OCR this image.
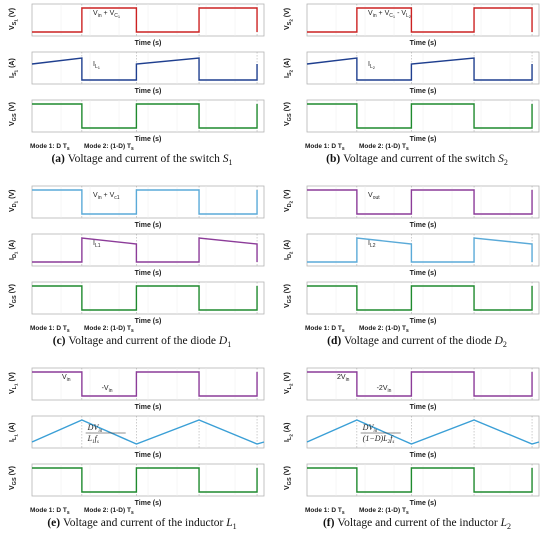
$V_{S1}$ (V)
Time (s)
$V_{in} + V_C1$
$I_{S1}$ (A)
Time (s)
$I_L1$
$V_{GS}$ (V)
Time (s)
Mode 1: D $T_s$ Mode 2: (1-D) $T_s$
(a) Voltage and current of the switch $S_1$
$V_{S2}$ (V)
Time (s)
$V_{in} + V_C1 - V_L2$
$I_{S2}$ (A)
Time (s)
$I_L2$
$V_{GS}$ (V)
Time (s)
Mode 1: D $T_s$ Mode 2: (1-D) $T_s$
(b) Voltage and current of the switch $S_2$
$V_{D1}$ (V)
Time (s)
$V_{in} + V_{c1}$
$I_{D1}$ (A)
Time (s)
$I_{L1}$
$V_{GS}$ (V)
Time (s)
Mode 1: D $T_s$ Mode 2: (1-D) $T_s$
(c) Voltage and current of the diode $D_1$
$V_{D2}$ (V)
Time (s)
$V_{out}$
$I_{D2}$ (A)
Time (s)
$I_{L2}$
$V_{GS}$ (V)
Time (s)
Mode 1: D $T_s$ Mode 2: (1-D) $T_s$
(d) Voltage and current of the diode $D_2$
$V_{L1}$ (V)
Time (s)
$V_{in}$
$-V_{in}$
$I_{L1}$ (A)
Time (s)
$DV_{in}$
$L_1f_s$
$V_{GS}$ (V)
Time (s)
Mode 1: D $T_s$ Mode 2: (1-D) $T_s$
(e) Voltage and current of the inductor $L_1$
$V_{L2}$ (V)
Time (s)
$2V_{in}$
$-2V_{in}$
$I_{L2}$ (A)
Time (s)
$DV_{in}$
$(1-D)L_2f_s$
$V_{GS}$ (V)
Time (s)
Mode 1: D $T_s$ Mode 2: (1-D) $T_s$
(f) Voltage and current of the inductor $L_2$
